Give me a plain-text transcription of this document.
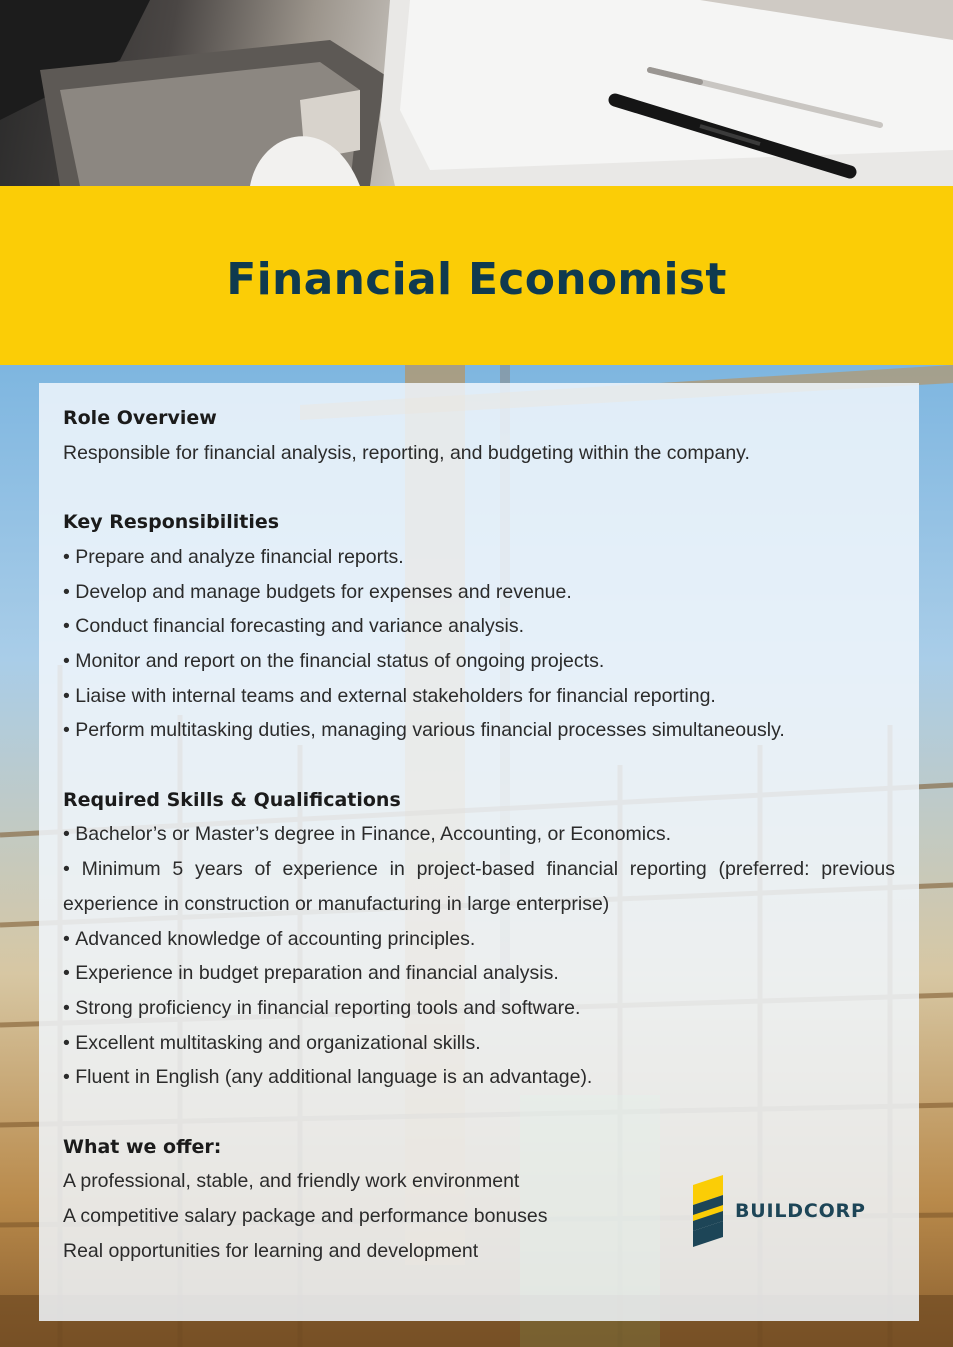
Financial Economist
Role Overview

Responsible for financial analysis, reporting, and budgeting within the company.

Key Responsibilities
• Prepare and analyze financial reports.
• Develop and manage budgets for expenses and revenue.
• Conduct financial forecasting and variance analysis.
• Monitor and report on the financial status of ongoing projects.
• Liaise with internal teams and external stakeholders for financial reporting.
• Perform multitasking duties, managing various financial processes simultaneously.
Required Skills & Qualifications
• Bachelor’s or Master’s degree in Finance, Accounting, or Economics.
• Minimum 5 years of experience in project-based financial reporting (preferred: previous experience in construction or manufacturing in large enterprise)
• Advanced knowledge of accounting principles.
• Experience in budget preparation and financial analysis.
• Strong proficiency in financial reporting tools and software.
• Excellent multitasking and organizational skills.
• Fluent in English (any additional language is an advantage).
What we offer:

A professional, stable, and friendly work environment

A competitive salary package and performance bonuses

Real opportunities for learning and development

BUILDCORP
